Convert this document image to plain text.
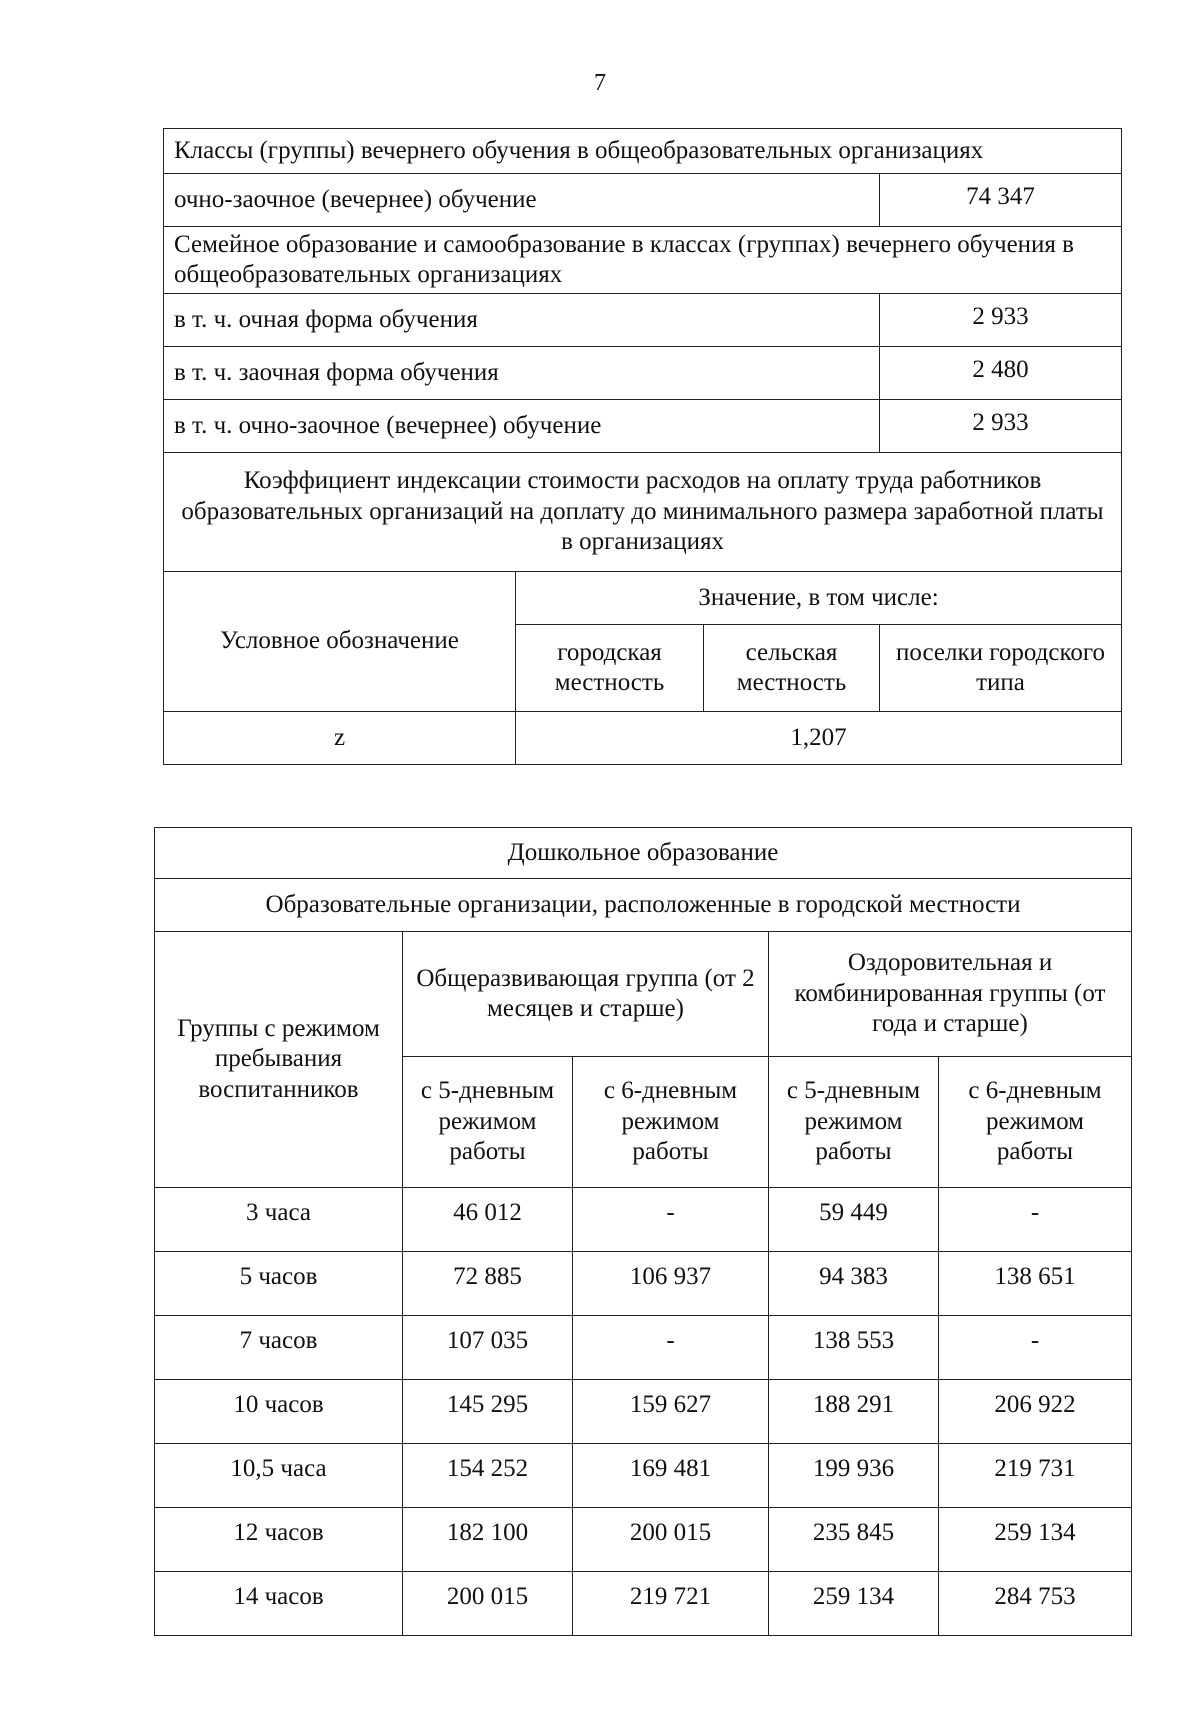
7
Классы (группы) вечернего обучения в общеобразовательных организациях			
очно-заочное (вечернее) обучение			74 347
Семейное образование и самообразование в классах (группах) вечернего обучения в общеобразовательных организациях			
в т. ч. очная форма обучения			2 933
в т. ч. заочная форма обучения			2 480
в т. ч. очно-заочное (вечернее) обучение			2 933
Коэффициент индексации стоимости расходов на оплату труда работников образовательных организаций на доплату до минимального размера заработной платы в организациях			
Условное обозначение	Значение, в том числе:		
	городская местность	сельская местность	поселки городского типа
z	1,207		
Дошкольное образование				
Образовательные организации, расположенные в городской местности				
Группы с режимом пребывания воспитанников	Общеразвивающая группа (от 2 месяцев и старше)		Оздоровительная и комбинированная группы (от года и старше)	
	с 5-дневным режимом работы	с 6-дневным режимом работы	с 5-дневным режимом работы	с 6-дневным режимом работы
3 часа	46 012	-	59 449	-
5 часов	72 885	106 937	94 383	138 651
7 часов	107 035	-	138 553	-
10 часов	145 295	159 627	188 291	206 922
10,5 часа	154 252	169 481	199 936	219 731
12 часов	182 100	200 015	235 845	259 134
14 часов	200 015	219 721	259 134	284 753
